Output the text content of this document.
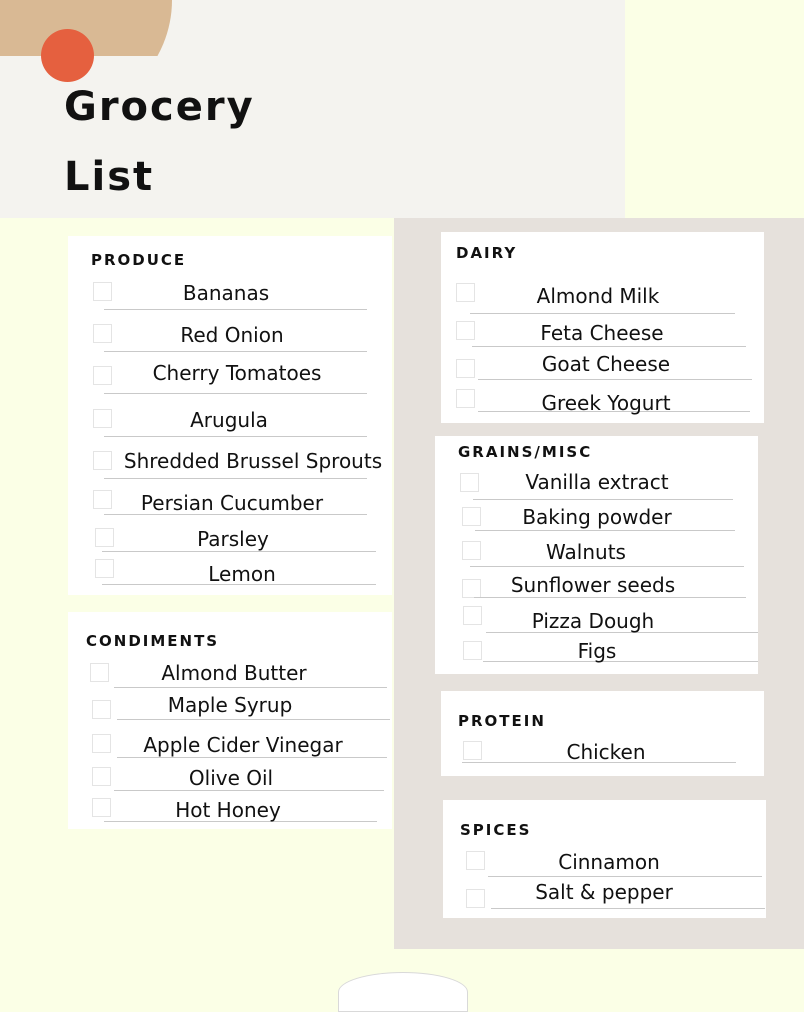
Grocery
List
PRODUCE
CONDIMENTS
DAIRY
GRAINS/MISC
PROTEIN
SPICES
Bananas
Red Onion
Cherry Tomatoes
Arugula
Shredded Brussel Sprouts
Persian Cucumber
Parsley
Lemon
Almond Butter
Maple Syrup
Apple Cider Vinegar
Olive Oil
Hot Honey
Almond Milk
Feta Cheese
Goat Cheese
Greek Yogurt
Vanilla extract
Baking powder
Walnuts
Sunflower seeds
Pizza Dough
Figs
Chicken
Cinnamon
Salt & pepper
